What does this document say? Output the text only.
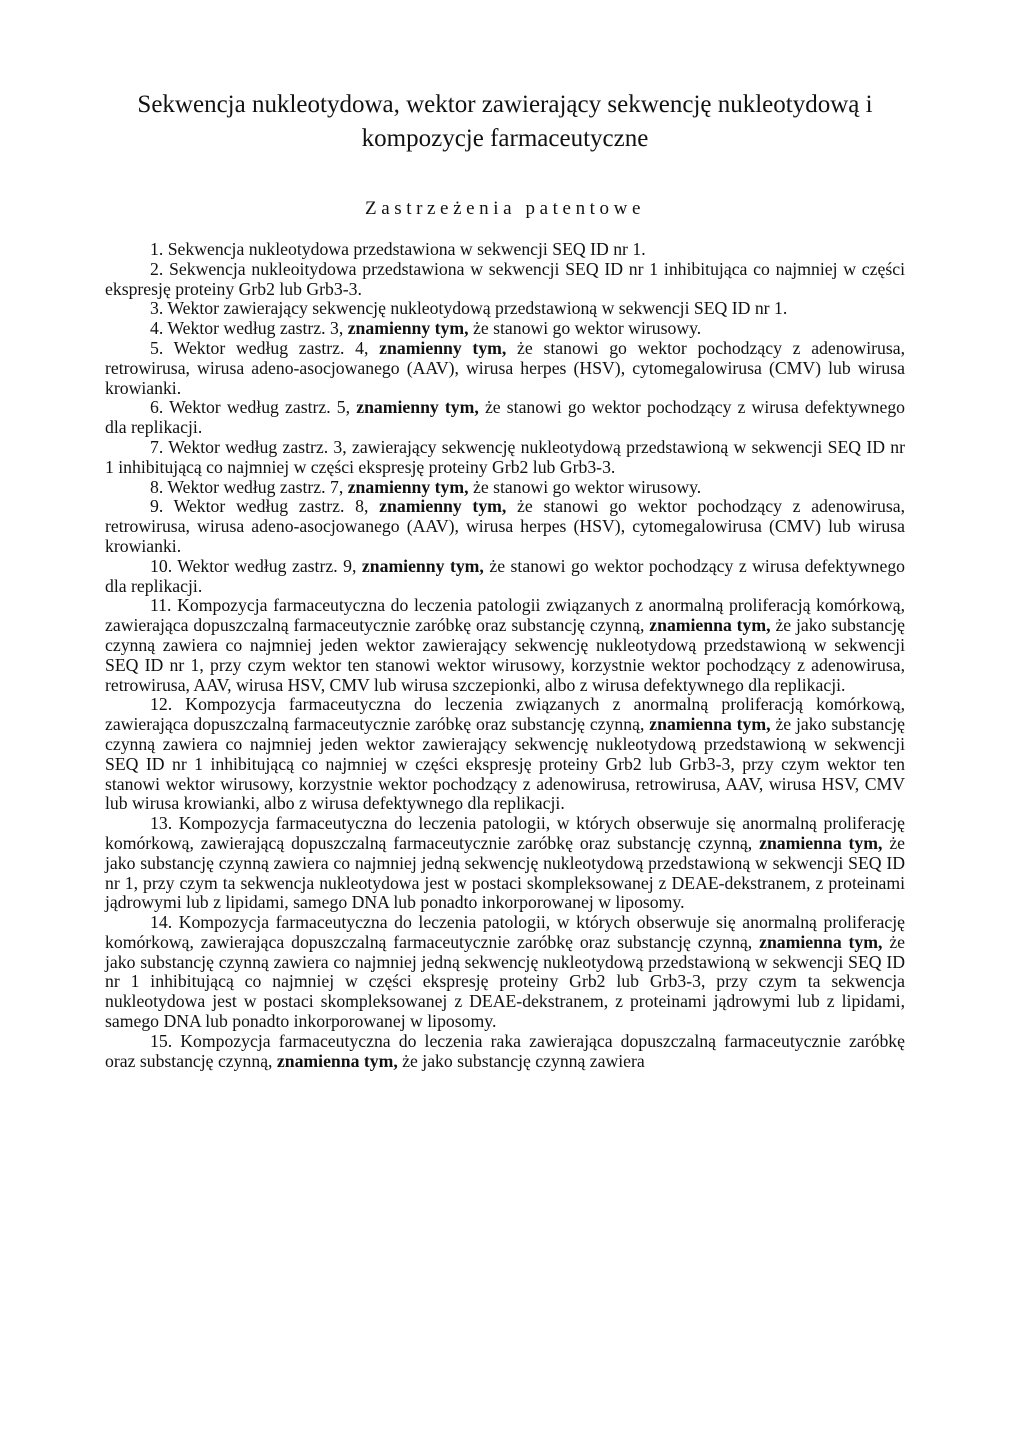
Sekwencja nukleotydowa, wektor zawierający sekwencję nukleotydową i kompozycje farmaceutyczne
Zastrzeżenia patentowe

1. Sekwencja nukleotydowa przedstawiona w sekwencji SEQ ID nr 1.

2. Sekwencja nukleoitydowa przedstawiona w sekwencji SEQ ID nr 1 inhibitująca co najmniej w części ekspresję proteiny Grb2 lub Grb3-3.

3. Wektor zawierający sekwencję nukleotydową przedstawioną w sekwencji SEQ ID nr 1.

4. Wektor według zastrz. 3, znamienny tym, że stanowi go wektor wirusowy.

5. Wektor według zastrz. 4, znamienny tym, że stanowi go wektor pochodzący z adenowirusa, retrowirusa, wirusa adeno-asocjowanego (AAV), wirusa herpes (HSV), cytomegalowirusa (CMV) lub wirusa krowianki.

6. Wektor według zastrz. 5, znamienny tym, że stanowi go wektor pochodzący z wirusa defektywnego dla replikacji.

7. Wektor według zastrz. 3, zawierający sekwencję nukleotydową przedstawioną w sekwencji SEQ ID nr 1 inhibitującą co najmniej w części ekspresję proteiny Grb2 lub Grb3-3.

8. Wektor według zastrz. 7, znamienny tym, że stanowi go wektor wirusowy.

9. Wektor według zastrz. 8, znamienny tym, że stanowi go wektor pochodzący z adenowirusa, retrowirusa, wirusa adeno-asocjowanego (AAV), wirusa herpes (HSV), cytomegalowirusa (CMV) lub wirusa krowianki.

10. Wektor według zastrz. 9, znamienny tym, że stanowi go wektor pochodzący z wirusa defektywnego dla replikacji.

11. Kompozycja farmaceutyczna do leczenia patologii związanych z anormalną proliferacją komórkową, zawierająca dopuszczalną farmaceutycznie zaróbkę oraz substancję czynną, znamienna tym, że jako substancję czynną zawiera co najmniej jeden wektor zawierający sekwencję nukleotydową przedstawioną w sekwencji SEQ ID nr 1, przy czym wektor ten stanowi wektor wirusowy, korzystnie wektor pochodzący z adenowirusa, retrowirusa, AAV, wirusa HSV, CMV lub wirusa szczepionki, albo z wirusa defektywnego dla replikacji.

12. Kompozycja farmaceutyczna do leczenia związanych z anormalną proliferacją komórkową, zawierająca dopuszczalną farmaceutycznie zaróbkę oraz substancję czynną, znamienna tym, że jako substancję czynną zawiera co najmniej jeden wektor zawierający sekwencję nukleotydową przedstawioną w sekwencji SEQ ID nr 1 inhibitującą co najmniej w części ekspresję proteiny Grb2 lub Grb3-3, przy czym wektor ten stanowi wektor wirusowy, korzystnie wektor pochodzący z adenowirusa, retrowirusa, AAV, wirusa HSV, CMV lub wirusa krowianki, albo z wirusa defektywnego dla replikacji.

13. Kompozycja farmaceutyczna do leczenia patologii, w których obserwuje się anormalną proliferację komórkową, zawierającą dopuszczalną farmaceutycznie zaróbkę oraz substancję czynną, znamienna tym, że jako substancję czynną zawiera co najmniej jedną sekwencję nukleotydową przedstawioną w sekwencji SEQ ID nr 1, przy czym ta sekwencja nukleotydowa jest w postaci skompleksowanej z DEAE-dekstranem, z proteinami jądrowymi lub z lipidami, samego DNA lub ponadto inkorporowanej w liposomy.

14. Kompozycja farmaceutyczna do leczenia patologii, w których obserwuje się anormalną proliferację komórkową, zawierająca dopuszczalną farmaceutycznie zaróbkę oraz substancję czynną, znamienna tym, że jako substancję czynną zawiera co najmniej jedną sekwencję nukleotydową przedstawioną w sekwencji SEQ ID nr 1 inhibitującą co najmniej w części ekspresję proteiny Grb2 lub Grb3-3, przy czym ta sekwencja nukleotydowa jest w postaci skompleksowanej z DEAE-dekstranem, z proteinami jądrowymi lub z lipidami, samego DNA lub ponadto inkorporowanej w liposomy.

15. Kompozycja farmaceutyczna do leczenia raka zawierająca dopuszczalną farmaceutycznie zaróbkę oraz substancję czynną, znamienna tym, że jako substancję czynną zawiera
